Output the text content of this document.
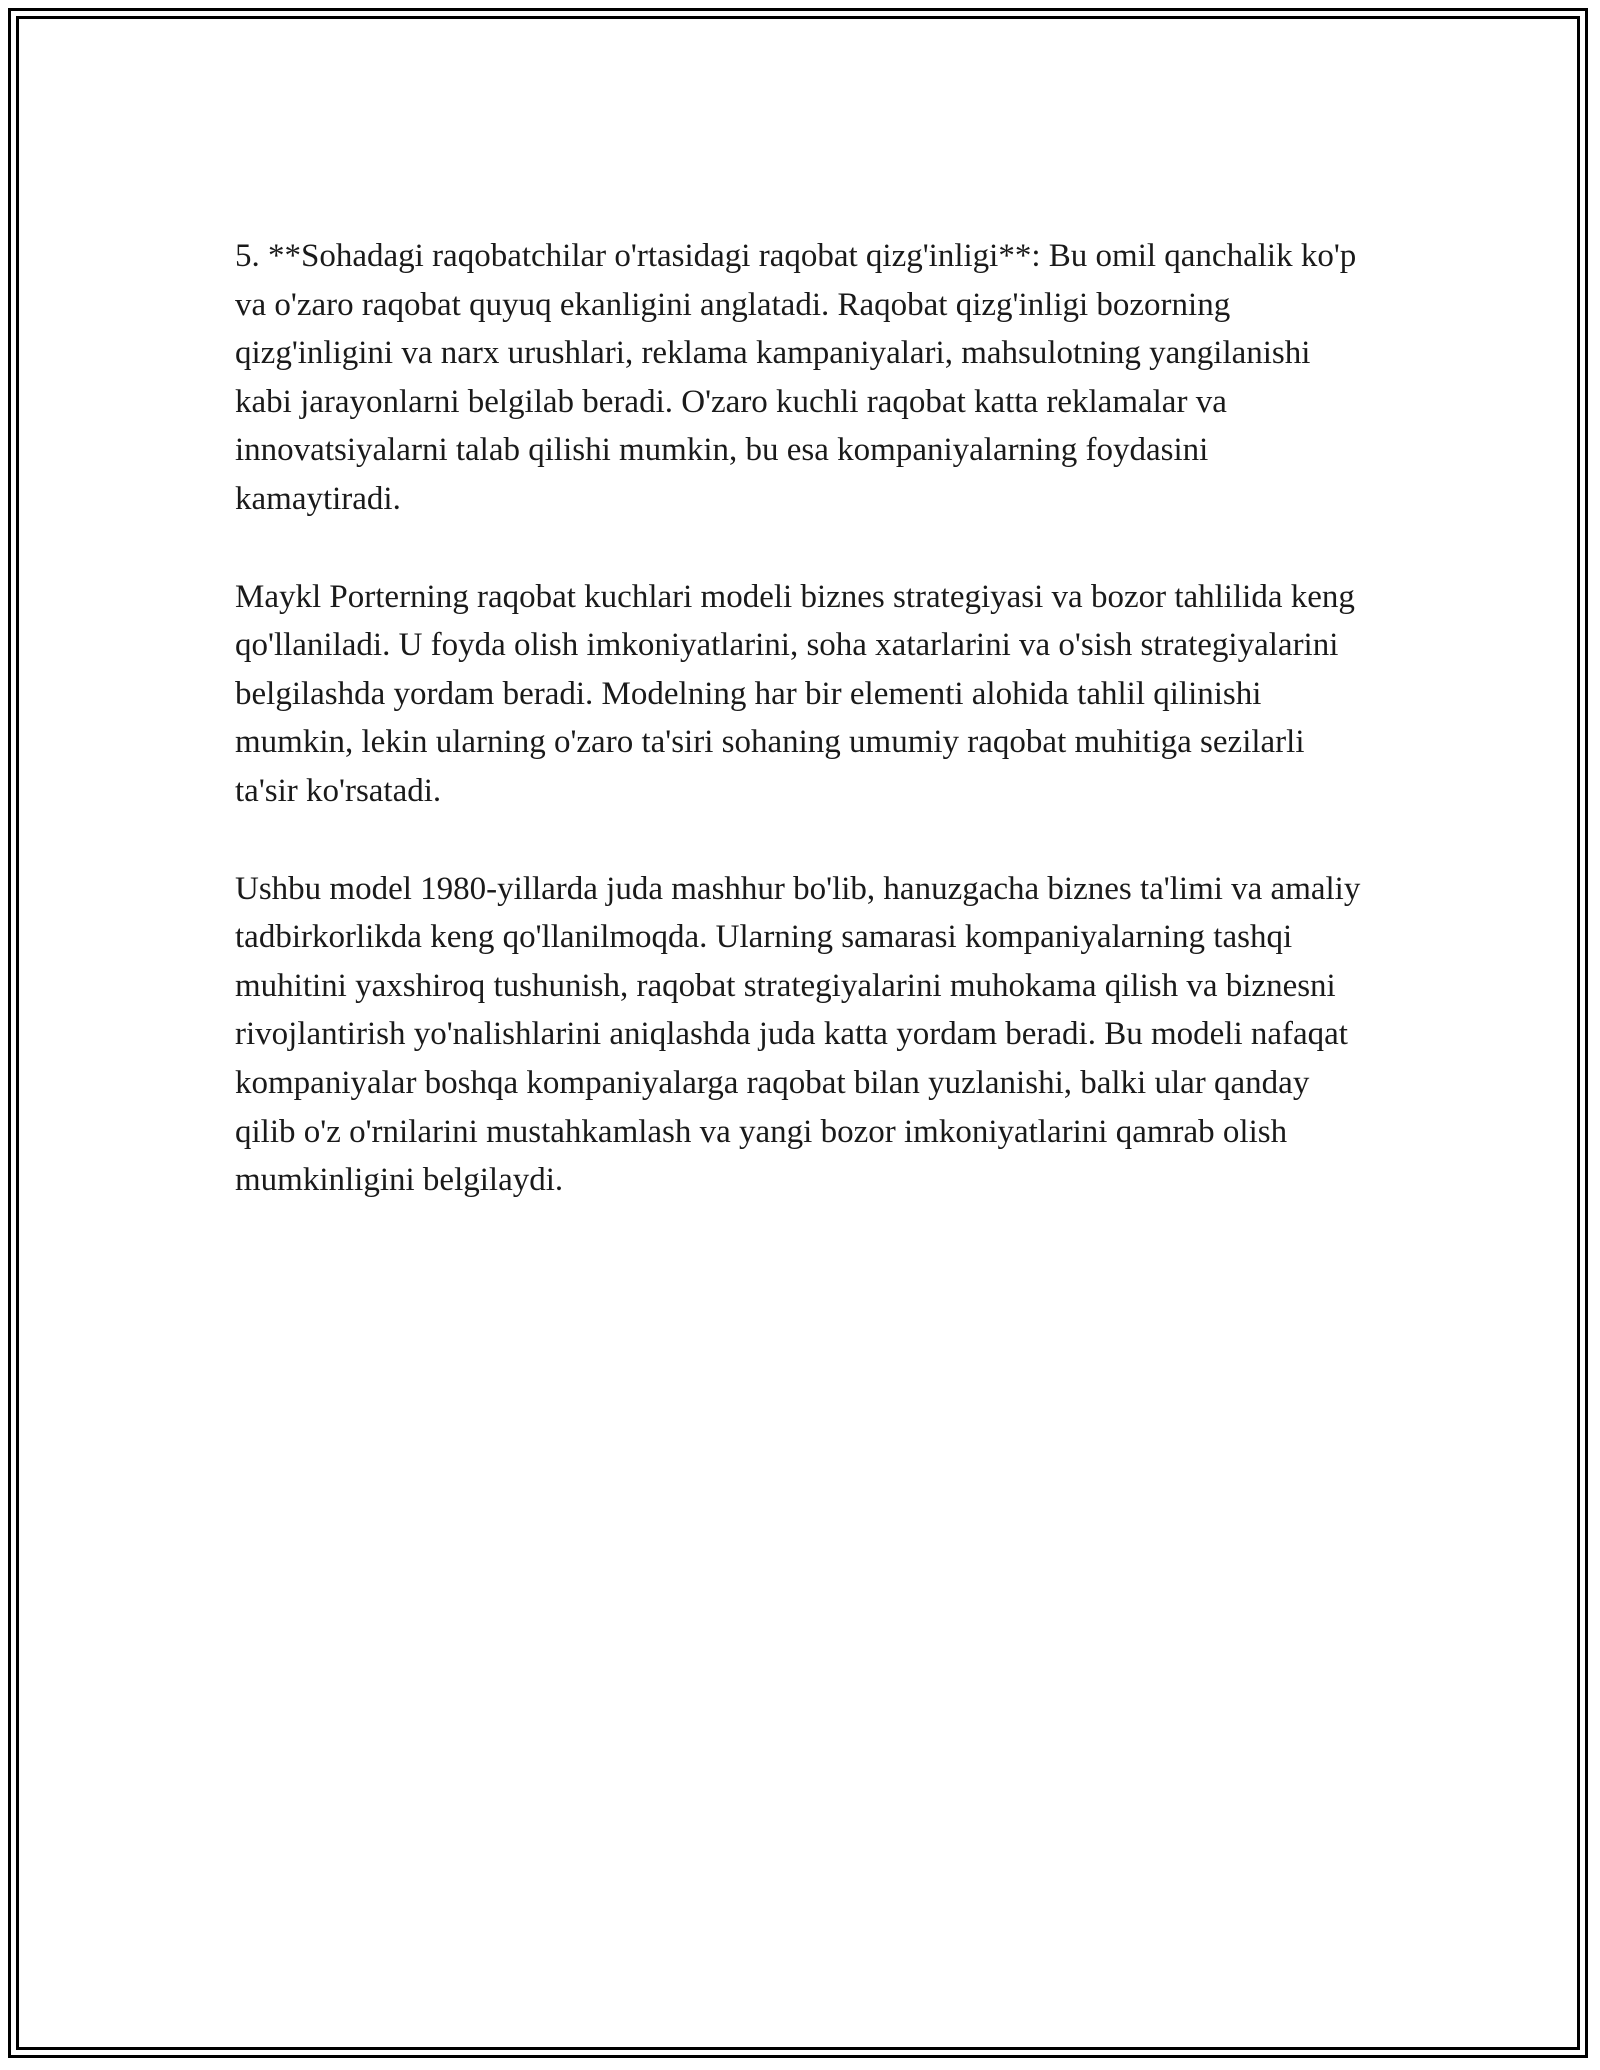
5. **Sohadagi raqobatchilar o'rtasidagi raqobat qizg'inligi**: Bu omil qanchalik ko'p va o'zaro raqobat quyuq ekanligini anglatadi. Raqobat qizg'inligi bozorning qizg'inligini va narx urushlari, reklama kampaniyalari, mahsulotning yangilanishi kabi jarayonlarni belgilab beradi. O'zaro kuchli raqobat katta reklamalar va innovatsiyalarni talab qilishi mumkin, bu esa kompaniyalarning foydasini kamaytiradi.

Maykl Porterning raqobat kuchlari modeli biznes strategiyasi va bozor tahlilida keng qo'llaniladi. U foyda olish imkoniyatlarini, soha xatarlarini va o'sish strategiyalarini belgilashda yordam beradi. Modelning har bir elementi alohida tahlil qilinishi mumkin, lekin ularning o'zaro ta'siri sohaning umumiy raqobat muhitiga sezilarli ta'sir ko'rsatadi.

Ushbu model 1980-yillarda juda mashhur bo'lib, hanuzgacha biznes ta'limi va amaliy tadbirkorlikda keng qo'llanilmoqda. Ularning samarasi kompaniyalarning tashqi muhitini yaxshiroq tushunish, raqobat strategiyalarini muhokama qilish va biznesni rivojlantirish yo'nalishlarini aniqlashda juda katta yordam beradi. Bu modeli nafaqat kompaniyalar boshqa kompaniyalarga raqobat bilan yuzlanishi, balki ular qanday qilib o'z o'rnilarini mustahkamlash va yangi bozor imkoniyatlarini qamrab olish mumkinligini belgilaydi.
